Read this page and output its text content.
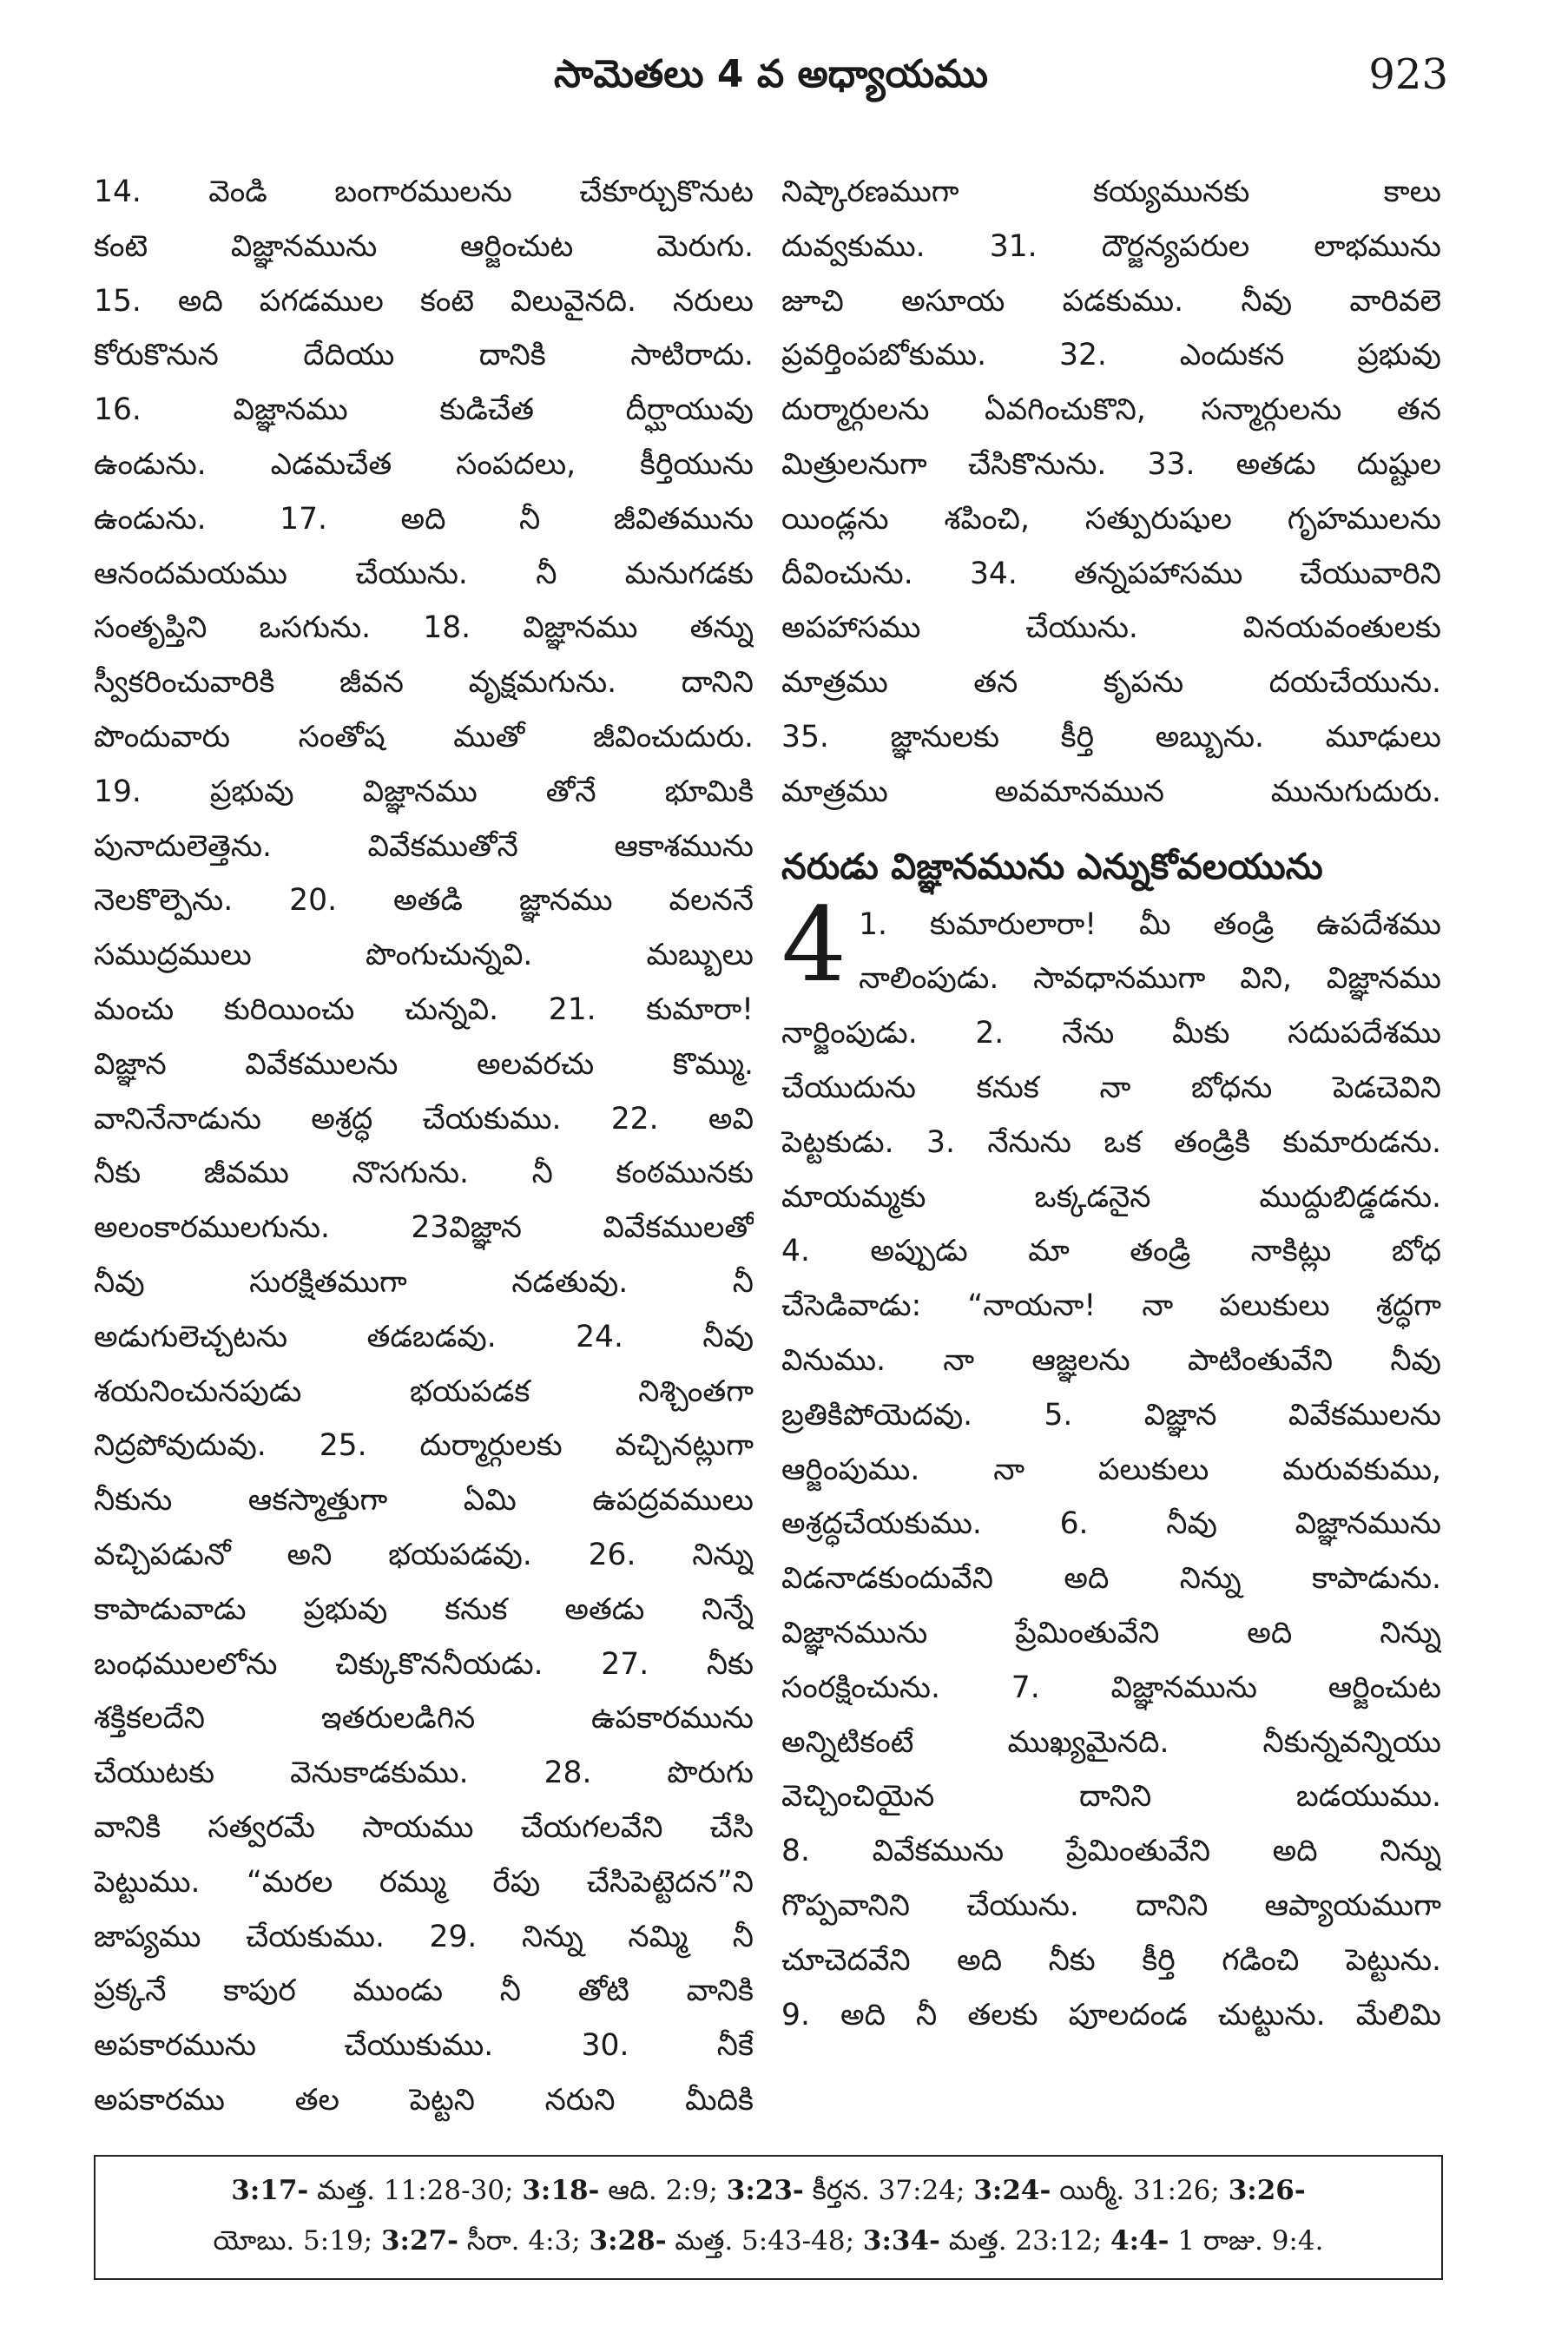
సామెతలు 4 వ అధ్యాయము	923
14. వెండి బంగారములను చేకూర్చుకొనుట
కంటె విజ్ఞానమును ఆర్జించుట మెరుగు.
15. అది పగడముల కంటె విలువైనది. నరులు
కోరుకొనున దేదియు దానికి సాటిరాదు.
16. విజ్ఞానము కుడిచేత దీర్ఘాయువు
ఉండును. ఎడమచేత సంపదలు, కీర్తియును
ఉండును. 17. అది నీ జీవితమును
ఆనందమయము చేయును. నీ మనుగడకు
సంతృప్తిని ఒసగును. 18. విజ్ఞానము తన్ను
స్వీకరించువారికి జీవన వృక్షమగును. దానిని
పొందువారు సంతోష ముతో జీవించుదురు.
19. ప్రభువు విజ్ఞానము తోనే భూమికి
పునాదులెత్తెను. వివేకముతోనే ఆకాశమును
నెలకొల్పెను. 20. అతడి జ్ఞానము వలననే
సముద్రములు పొంగుచున్నవి. మబ్బులు
మంచు కురియించు చున్నవి. 21. కుమారా!
విజ్ఞాన వివేకములను అలవరచు కొమ్ము.
వానినేనాడును అశ్రద్ధ చేయకుము. 22. అవి
నీకు జీవము నొసగును. నీ కంఠమునకు
అలంకారములగును. 23విజ్ఞాన వివేకములతో
నీవు సురక్షితముగా నడతువు. నీ
అడుగులెచ్చటను తడబడవు. 24. నీవు
శయనించునపుడు భయపడక నిశ్చింతగా
నిద్రపోవుదువు. 25. దుర్మార్గులకు వచ్చినట్లుగా
నీకును ఆకస్మాత్తుగా ఏమి ఉపద్రవములు
వచ్చిపడునో అని భయపడవు. 26. నిన్ను
కాపాడువాడు ప్రభువు కనుక అతడు నిన్నే
బంధములలోను చిక్కుకొననీయడు. 27. నీకు
శక్తికలదేని ఇతరులడిగిన ఉపకారమును
చేయుటకు వెనుకాడకుము. 28. పొరుగు
వానికి సత్వరమే సాయము చేయగలవేని చేసి
పెట్టుము. “మరల రమ్ము రేపు చేసిపెట్టెదన”ని
జాప్యము చేయకుము. 29. నిన్ను నమ్మి నీ
ప్రక్కనే కాపుర ముండు నీ తోటి వానికి
అపకారమును చేయుకుము. 30. నీకే
అపకారము తల పెట్టని నరుని మీదికి
నిష్కారణముగా కయ్యమునకు కాలు
దువ్వకుము. 31. దౌర్జన్యపరుల లాభమును
జూచి అసూయ పడకుము. నీవు వారివలె
ప్రవర్తింపబోకుము. 32. ఎందుకన ప్రభువు
దుర్మార్గులను ఏవగించుకొని, సన్మార్గులను తన
మిత్రులనుగా చేసికొనును. 33. అతడు దుష్టుల
యిండ్లను శపించి, సత్పురుషుల గృహములను
దీవించును. 34. తన్నపహాసము చేయువారిని
అపహాసము చేయును. వినయవంతులకు
మాత్రము తన కృపను దయచేయును.
35. జ్ఞానులకు కీర్తి అబ్బును. మూఢులు
మాత్రము అవమానమున మునుగుదురు.
నరుడు విజ్ఞానమును ఎన్నుకోవలయును
4 1. కుమారులారా! మీ తండ్రి ఉపదేశము
నాలింపుడు. సావధానముగా విని, విజ్ఞానము
నార్జింపుడు. 2. నేను మీకు సదుపదేశము
చేయుదును కనుక నా బోధను పెడచెవిని
పెట్టకుడు. 3. నేనును ఒక తండ్రికి కుమారుడను.
మాయమ్మకు ఒక్కడనైన ముద్దుబిడ్డడను.
4. అప్పుడు మా తండ్రి నాకిట్లు బోధ
చేసెడివాడు: “నాయనా! నా పలుకులు శ్రద్ధగా
వినుము. నా ఆజ్ఞలను పాటింతువేని నీవు
బ్రతికిపోయెదవు. 5. విజ్ఞాన వివేకములను
ఆర్జింపుము. నా పలుకులు మరువకుము,
అశ్రద్ధచేయకుము. 6. నీవు విజ్ఞానమును
విడనాడకుందువేని అది నిన్ను కాపాడును.
విజ్ఞానమును ప్రేమింతువేని అది నిన్ను
సంరక్షించును. 7. విజ్ఞానమును ఆర్జించుట
అన్నిటికంటే ముఖ్యమైనది. నీకున్నవన్నియు
వెచ్చించియైన దానిని బడయుము.
8. వివేకమును ప్రేమింతువేని అది నిన్ను
గొప్పవానిని చేయును. దానిని ఆప్యాయముగా
చూచెదవేని అది నీకు కీర్తి గడించి పెట్టును.
9. అది నీ తలకు పూలదండ చుట్టును. మేలిమి
3:17- మత్త. 11:28-30; 3:18- ఆది. 2:9; 3:23- కీర్తన. 37:24; 3:24- యిర్మీ. 31:26; 3:26-
యోబు. 5:19; 3:27- సీరా. 4:3; 3:28- మత్త. 5:43-48; 3:34- మత్త. 23:12; 4:4- 1 రాజు. 9:4.
